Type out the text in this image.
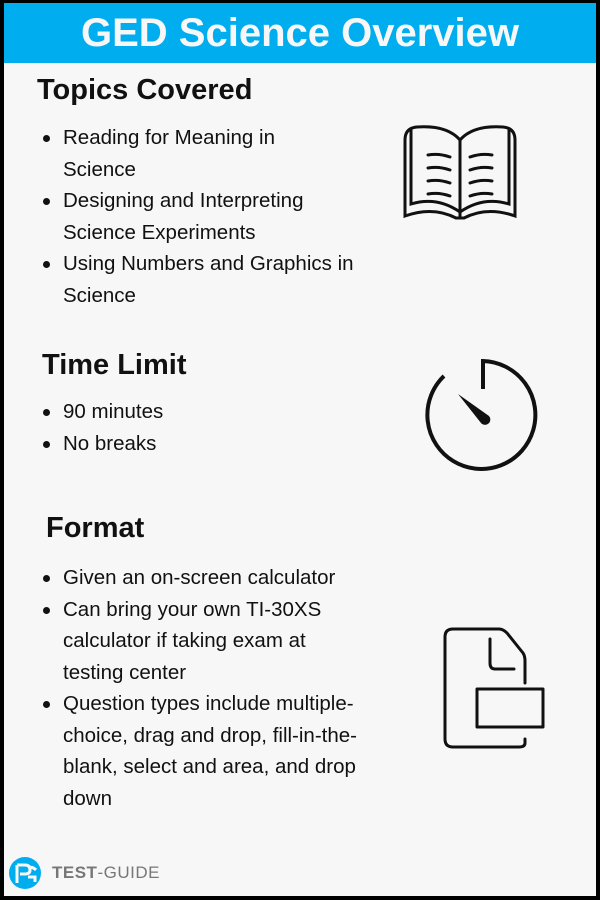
GED Science Overview
Topics Covered
Reading for Meaning in Science
Designing and Interpreting Science Experiments
Using Numbers and Graphics in Science
Time Limit
90 minutes
No breaks
Format
Given an on-screen calculator
Can bring your own TI-30XS calculator if taking exam at testing center
Question types include multiple-choice, drag and drop, fill-in-the-blank, select and area, and drop down
TEST-GUIDE
